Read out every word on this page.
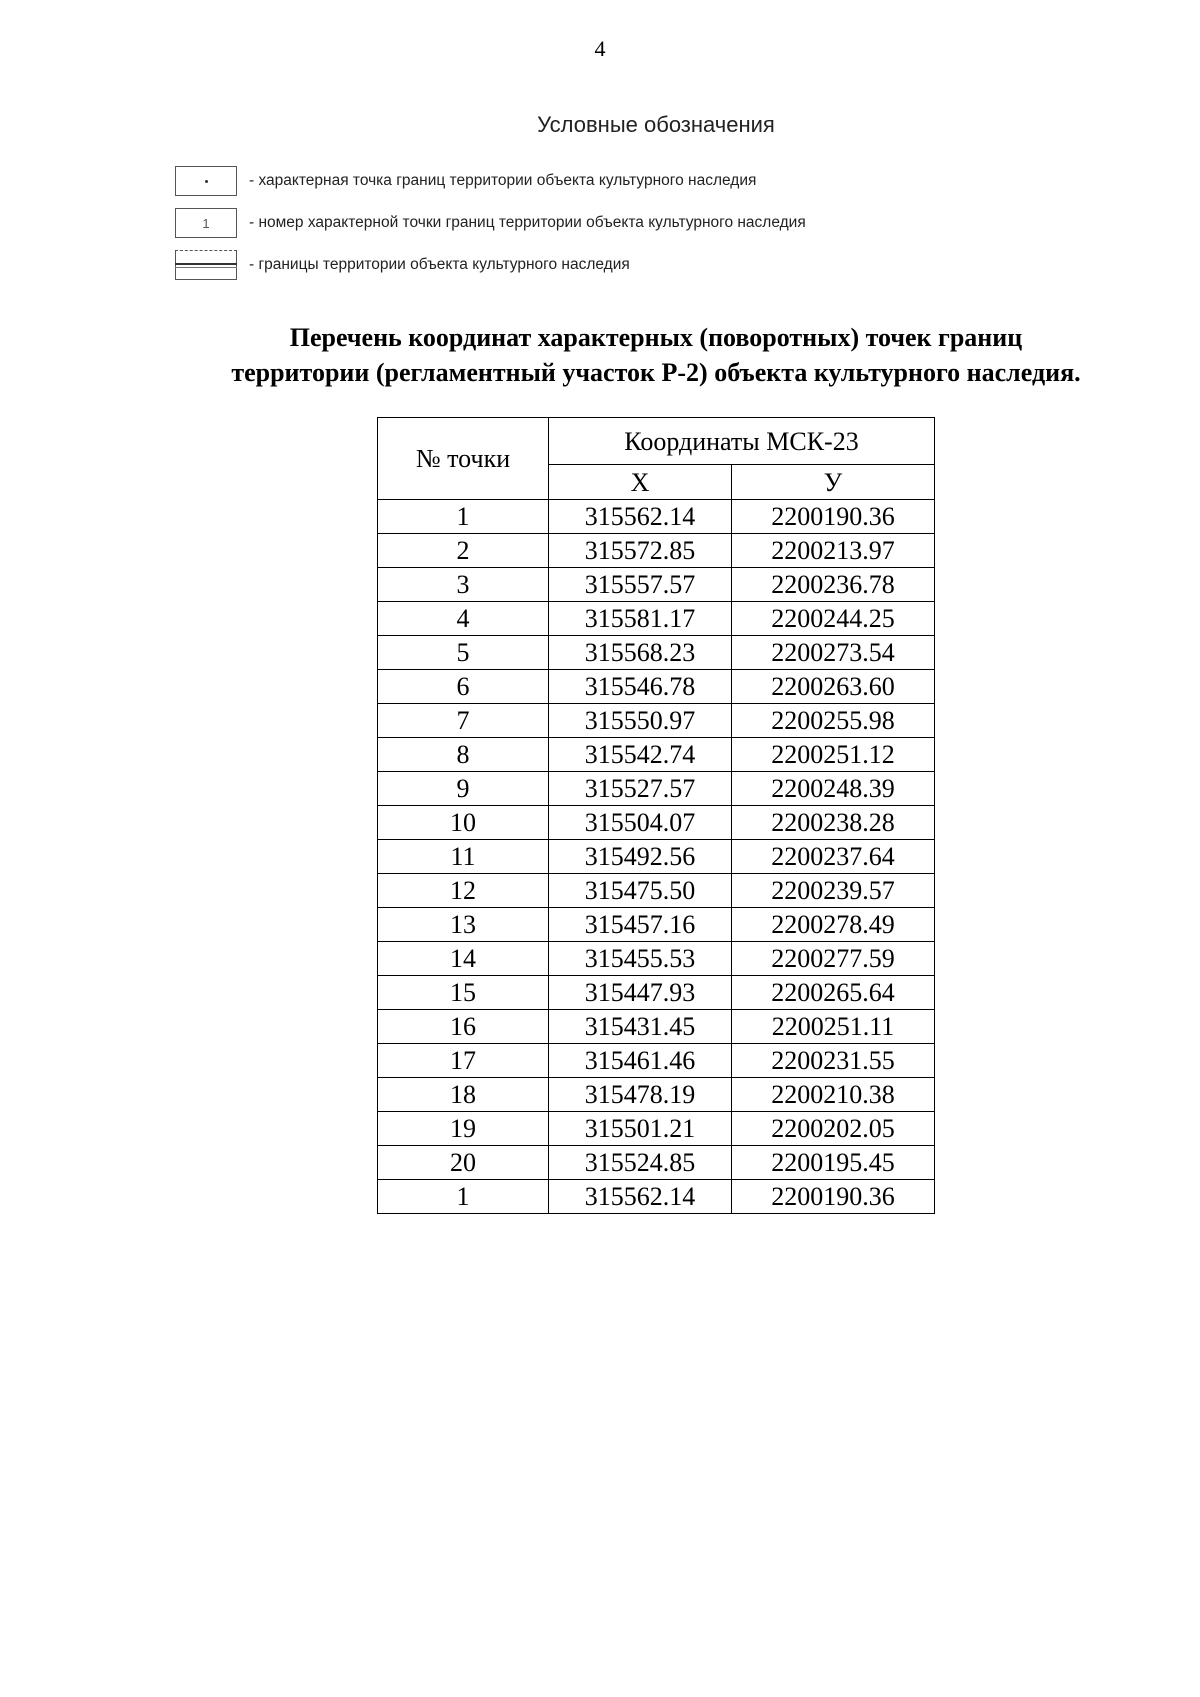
4
Условные обозначения
- характерная точка границ территории объекта культурного наследия
1	- номер характерной точки границ территории объекта культурного наследия
- границы территории объекта культурного наследия
Перечень координат характерных (поворотных) точек границ
территории (регламентный участок Р-2) объекта культурного наследия.
№ точки	Координаты МСК-23	
	X	У
1	315562.14	2200190.36
2	315572.85	2200213.97
3	315557.57	2200236.78
4	315581.17	2200244.25
5	315568.23	2200273.54
6	315546.78	2200263.60
7	315550.97	2200255.98
8	315542.74	2200251.12
9	315527.57	2200248.39
10	315504.07	2200238.28
11	315492.56	2200237.64
12	315475.50	2200239.57
13	315457.16	2200278.49
14	315455.53	2200277.59
15	315447.93	2200265.64
16	315431.45	2200251.11
17	315461.46	2200231.55
18	315478.19	2200210.38
19	315501.21	2200202.05
20	315524.85	2200195.45
1	315562.14	2200190.36
